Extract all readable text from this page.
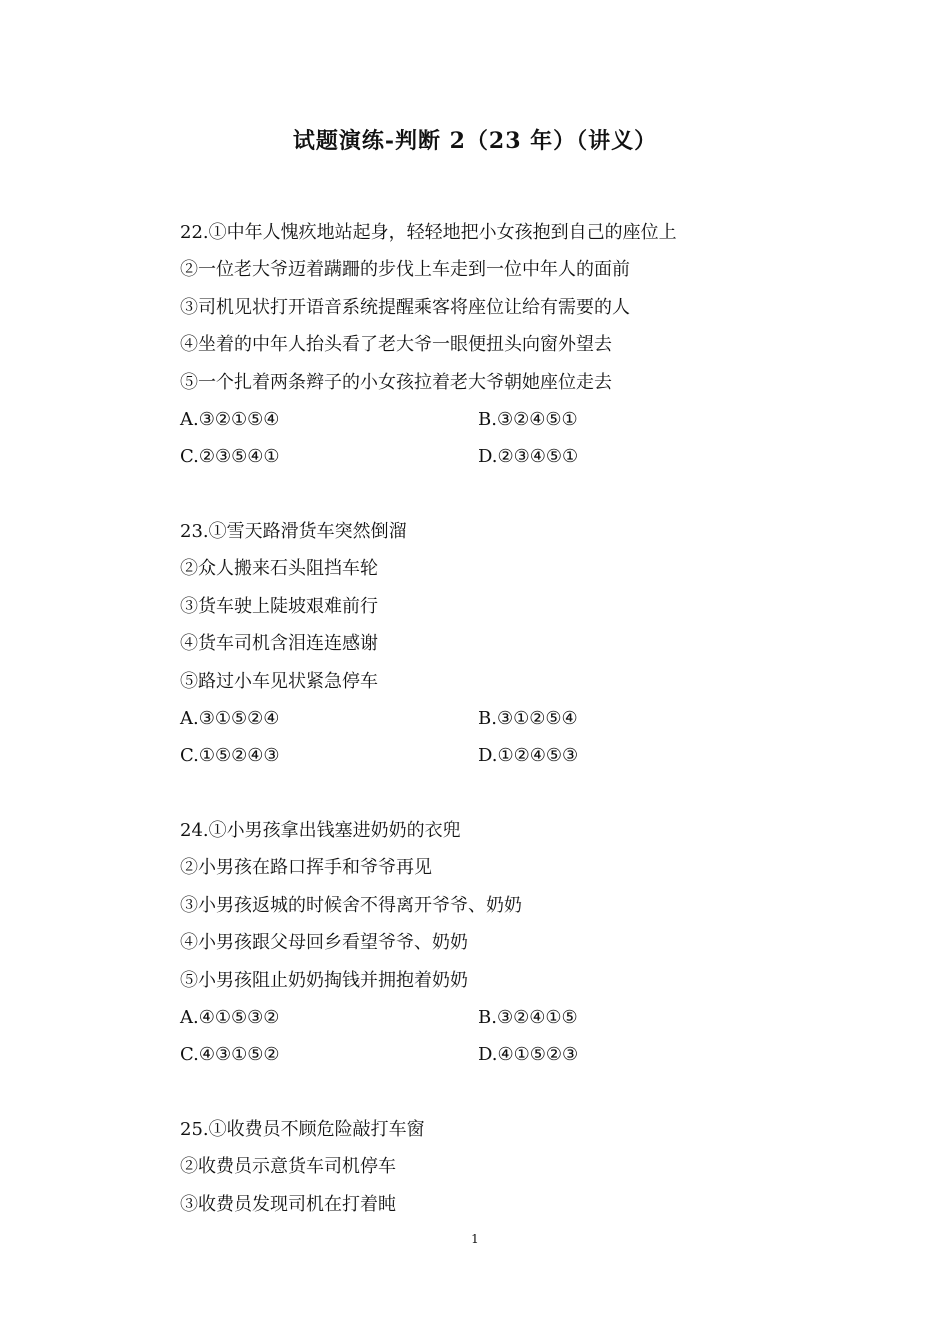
试题演练-判断 2（23 年）（讲义）
22.①中年人愧疚地站起身，轻轻地把小女孩抱到自己的座位上
②一位老大爷迈着蹒跚的步伐上车走到一位中年人的面前
③司机见状打开语音系统提醒乘客将座位让给有需要的人
④坐着的中年人抬头看了老大爷一眼便扭头向窗外望去
⑤一个扎着两条辫子的小女孩拉着老大爷朝她座位走去
A.③②①⑤④	B.③②④⑤①
C.②③⑤④①	D.②③④⑤①
23.①雪天路滑货车突然倒溜
②众人搬来石头阻挡车轮
③货车驶上陡坡艰难前行
④货车司机含泪连连感谢
⑤路过小车见状紧急停车
A.③①⑤②④	B.③①②⑤④
C.①⑤②④③	D.①②④⑤③
24.①小男孩拿出钱塞进奶奶的衣兜
②小男孩在路口挥手和爷爷再见
③小男孩返城的时候舍不得离开爷爷、奶奶
④小男孩跟父母回乡看望爷爷、奶奶
⑤小男孩阻止奶奶掏钱并拥抱着奶奶
A.④①⑤③②	B.③②④①⑤
C.④③①⑤②	D.④①⑤②③
25.①收费员不顾危险敲打车窗
②收费员示意货车司机停车
③收费员发现司机在打着盹
1
